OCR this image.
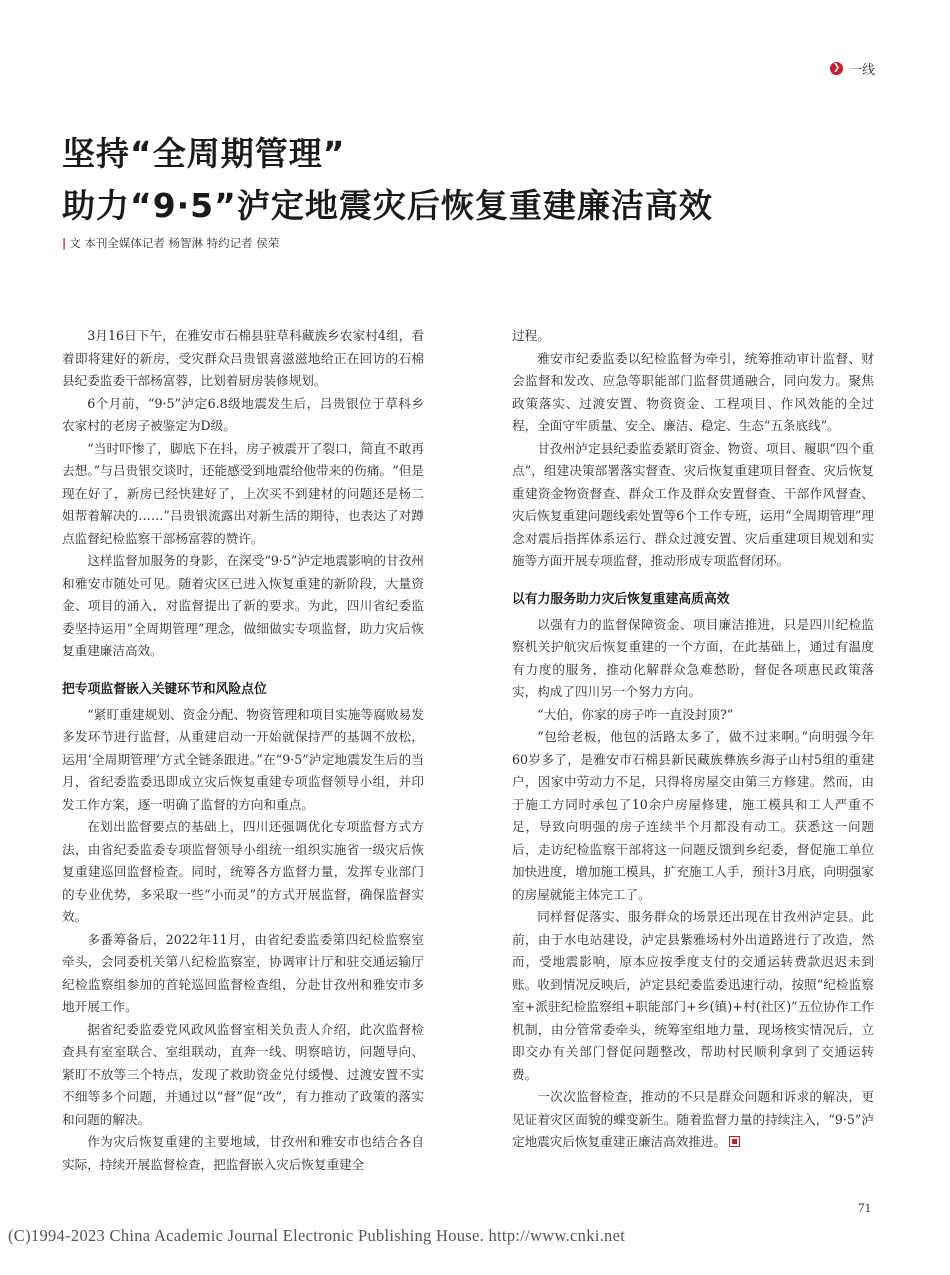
❯ 一线
坚持“全周期管理”
助力“9·5”泸定地震灾后恢复重建廉洁高效
| 文 本刊全媒体记者 杨智淋 特约记者 侯荣

3月16日下午，在雅安市石棉县驻草科藏族乡农家村4组，看着即将建好的新房，受灾群众吕贵银喜滋滋地给正在回访的石棉县纪委监委干部杨富蓉，比划着厨房装修规划。

6个月前，“9·5”泸定6.8级地震发生后，吕贵银位于草科乡农家村的老房子被鉴定为D级。

“当时吓惨了，脚底下在抖，房子被震开了裂口，简直不敢再去想。”与吕贵银交谈时，还能感受到地震给他带来的伤痛。“但是现在好了，新房已经快建好了，上次买不到建材的问题还是杨二姐帮着解决的……”吕贵银流露出对新生活的期待，也表达了对蹲点监督纪检监察干部杨富蓉的赞许。

这样监督加服务的身影，在深受“9·5”泸定地震影响的甘孜州和雅安市随处可见。随着灾区已进入恢复重建的新阶段，大量资金、项目的涌入，对监督提出了新的要求。为此，四川省纪委监委坚持运用“全周期管理”理念，做细做实专项监督，助力灾后恢复重建廉洁高效。

把专项监督嵌入关键环节和风险点位

“紧盯重建规划、资金分配、物资管理和项目实施等腐败易发多发环节进行监督，从重建启动一开始就保持严的基调不放松，运用‘全周期管理’方式全链条跟进。”在“9·5”泸定地震发生后的当月，省纪委监委迅即成立灾后恢复重建专项监督领导小组，并印发工作方案，逐一明确了监督的方向和重点。

在划出监督要点的基础上，四川还强调优化专项监督方式方法，由省纪委监委专项监督领导小组统一组织实施省一级灾后恢复重建巡回监督检查。同时，统筹各方监督力量，发挥专业部门的专业优势，多采取一些“小而灵”的方式开展监督，确保监督实效。

多番筹备后，2022年11月，由省纪委监委第四纪检监察室牵头，会同委机关第八纪检监察室，协调审计厅和驻交通运输厅纪检监察组参加的首轮巡回监督检查组，分赴甘孜州和雅安市多地开展工作。

据省纪委监委党风政风监督室相关负责人介绍，此次监督检查具有室室联合、室组联动，直奔一线、明察暗访，问题导向、紧盯不放等三个特点，发现了救助资金兑付缓慢、过渡安置不实不细等多个问题，并通过以“督”促“改”，有力推动了政策的落实和问题的解决。

作为灾后恢复重建的主要地域，甘孜州和雅安市也结合各自实际，持续开展监督检查，把监督嵌入灾后恢复重建全

过程。

雅安市纪委监委以纪检监督为牵引，统筹推动审计监督、财会监督和发改、应急等职能部门监督贯通融合，同向发力。聚焦政策落实、过渡安置、物资资金、工程项目、作风效能的全过程，全面守牢质量、安全、廉洁、稳定、生态“五条底线”。

甘孜州泸定县纪委监委紧盯资金、物资、项目、履职“四个重点”，组建决策部署落实督查、灾后恢复重建项目督查、灾后恢复重建资金物资督查、群众工作及群众安置督查、干部作风督查、灾后恢复重建问题线索处置等6个工作专班，运用“全周期管理”理念对震后指挥体系运行、群众过渡安置、灾后重建项目规划和实施等方面开展专项监督，推动形成专项监督闭环。

以有力服务助力灾后恢复重建高质高效

以强有力的监督保障资金、项目廉洁推进，只是四川纪检监察机关护航灾后恢复重建的一个方面，在此基础上，通过有温度有力度的服务，推动化解群众急难愁盼，督促各项惠民政策落实，构成了四川另一个努力方向。

“大伯，你家的房子咋一直没封顶?”

“包给老板，他包的活路太多了，做不过来啊。”向明强今年60岁多了，是雅安市石棉县新民藏族彝族乡海子山村5组的重建户，因家中劳动力不足，只得将房屋交由第三方修建。然而，由于施工方同时承包了10余户房屋修建，施工模具和工人严重不足，导致向明强的房子连续半个月都没有动工。获悉这一问题后，走访纪检监察干部将这一问题反馈到乡纪委，督促施工单位加快进度，增加施工模具，扩充施工人手，预计3月底，向明强家的房屋就能主体完工了。

同样督促落实、服务群众的场景还出现在甘孜州泸定县。此前，由于水电站建设，泸定县紫雅场村外出道路进行了改造，然而，受地震影响，原本应按季度支付的交通运转费款迟迟未到账。收到情况反映后，泸定县纪委监委迅速行动，按照“纪检监察室+派驻纪检监察组+职能部门+乡(镇)+村(社区)”五位协作工作机制，由分管常委牵头，统筹室组地力量，现场核实情况后，立即交办有关部门督促问题整改，帮助村民顺利拿到了交通运转费。

一次次监督检查，推动的不只是群众问题和诉求的解决，更见证着灾区面貌的蝶变新生。随着监督力量的持续注入，“9·5”泸定地震灾后恢复重建正廉洁高效推进。

71
(C)1994-2023 China Academic Journal Electronic Publishing House. http://www.cnki.net
